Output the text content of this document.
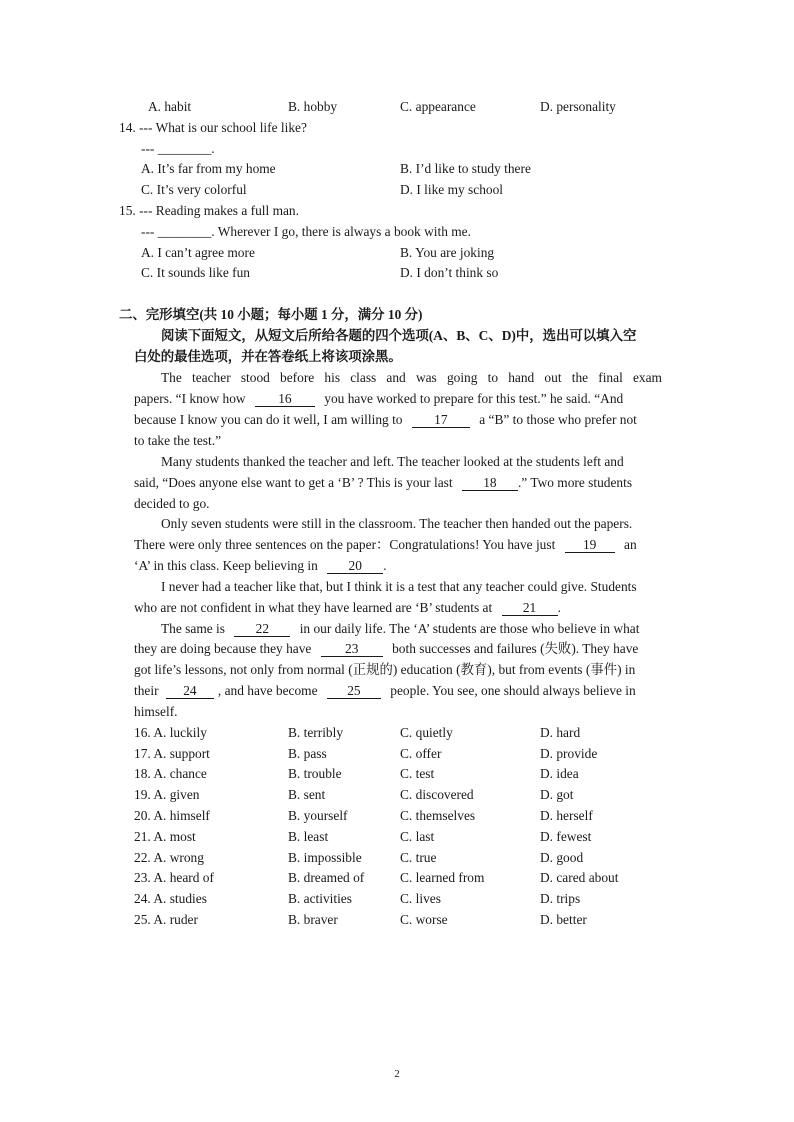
A. habit	B. hobby	C. appearance	D. personality
14. --- What is our school life like?
--- ________.
A. It’s far from my home	B. I’d like to study there
C. It’s very colorful	D. I like my school
15. --- Reading makes a full man.
--- ________. Wherever I go, there is always a book with me.
A. I can’t agree more	B. You are joking
C. It sounds like fun	D. I don’t think so
二、完形填空(共 10 小题；每小题 1 分，满分 10 分)
阅读下面短文，从短文后所给各题的四个选项(A、B、C、D)中，选出可以填入空
白处的最佳选项，并在答卷纸上将该项涂黑。
The teacher stood before his class and was going to hand out the final exam
papers. “I know how 16 you have worked to prepare for this test.” he said. “And
because I know you can do it well, I am willing to 17 a “B” to those who prefer not
to take the test.”
Many students thanked the teacher and left. The teacher looked at the students left and
said, “Does anyone else want to get a ‘B’ ? This is your last 18 .” Two more students
decided to go.
Only seven students were still in the classroom. The teacher then handed out the papers.
There were only three sentences on the paper：Congratulations! You have just 19 an
‘A’ in this class. Keep believing in 20 .
I never had a teacher like that, but I think it is a test that any teacher could give. Students
who are not confident in what they have learned are ‘B’ students at 21 .
The same is 22 in our daily life. The ‘A’ students are those who believe in what
they are doing because they have	23	both successes and failures (失败). They have
got life’s lessons, not only from normal (正规的) education (教育), but from events (事件) in
their 24 , and have become 25 people. You see, one should always believe in
himself.
16. A. luckily	B. terribly	C. quietly	D. hard
17. A. support	B. pass	C. offer	D. provide
18. A. chance	B. trouble	C. test	D. idea
19. A. given	B. sent	C. discovered	D. got
20. A. himself	B. yourself	C. themselves	D. herself
21. A. most	B. least	C. last	D. fewest
22. A. wrong	B. impossible	C. true	D. good
23. A. heard of	B. dreamed of	C. learned from	D. cared about
24. A. studies	B. activities	C. lives	D. trips
25. A. ruder	B. braver	C. worse	D. better
2
